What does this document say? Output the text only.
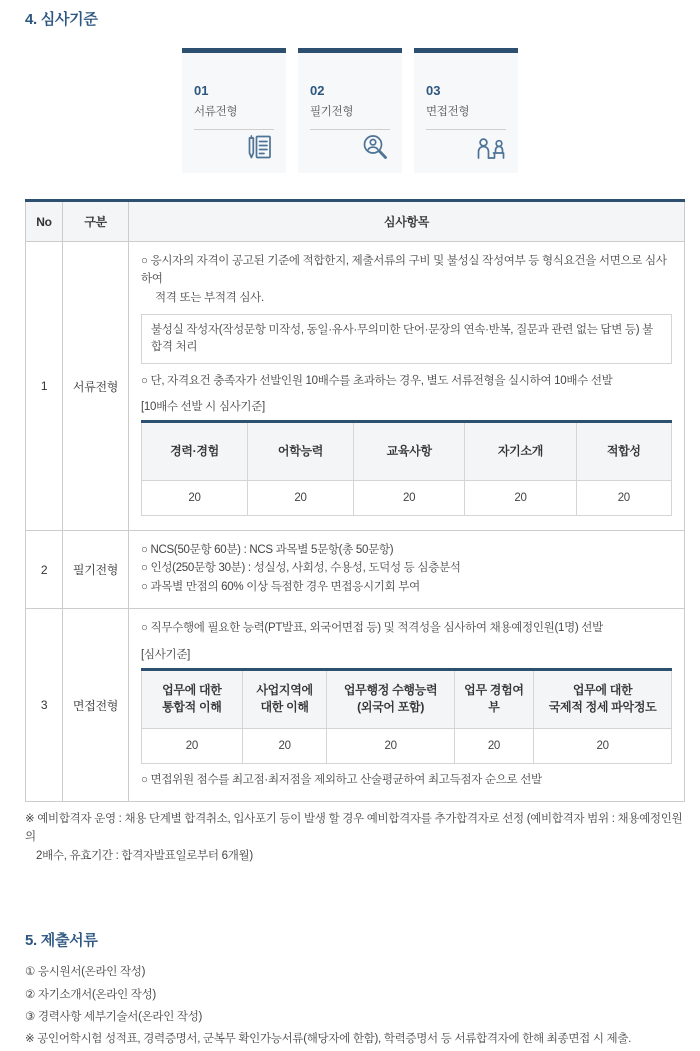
4. 심사기준
01
서류전형
02
필기전형
03
면접전형
No	구분	심사항목
1	서류전형	
○ 응시자의 자격이 공고된 기준에 적합한지, 제출서류의 구비 및 불성실 작성여부 등 형식요건을 서면으로 심사하여
적격 또는 부적격 심사.
불성실 작성자(작성문항 미작성, 동일·유사·무의미한 단어·문장의 연속·반복, 질문과 관련 없는 답변 등) 불합격 처리
○ 단, 자격요건 충족자가 선발인원 10배수를 초과하는 경우, 별도 서류전형을 실시하여 10배수 선발
[10배수 선발 시 심사기준]
경력·경험	어학능력	교육사항	자기소개	적합성
20	20	20	20	20

2	필기전형	
○ NCS(50문항 60분) : NCS 과목별 5문항(총 50문항)
○ 인성(250문항 30분) : 성실성, 사회성, 수용성, 도덕성 등 심층분석
○ 과목별 만점의 60% 이상 득점한 경우 면접응시기회 부여

3	면접전형	
○ 직무수행에 필요한 능력(PT발표, 외국어면접 등) 및 적격성을 심사하여 채용예정인원(1명) 선발
[심사기준]
업무에 대한
통합적 이해

사업지역에
대한 이해

업무행정 수행능력
(외국어 포함)

업무 경험여부

업무에 대한
국제적 정세 파악정도

20	20	20	20	20
○ 면접위원 점수를 최고점·최저점을 제외하고 산술평균하여 최고득점자 순으로 선발
※ 예비합격자 운영 : 채용 단계별 합격취소, 입사포기 등이 발생 할 경우 예비합격자를 추가합격자로 선정 (예비합격자 범위 : 채용예정인원의
2배수, 유효기간 : 합격자발표일로부터 6개월)
5. 제출서류
① 응시원서(온라인 작성)
② 자기소개서(온라인 작성)
③ 경력사항 세부기술서(온라인 작성)
※ 공인어학시험 성적표, 경력증명서, 군복무 확인가능서류(해당자에 한함), 학력증명서 등 서류합격자에 한해 최종면접 시 제출.
